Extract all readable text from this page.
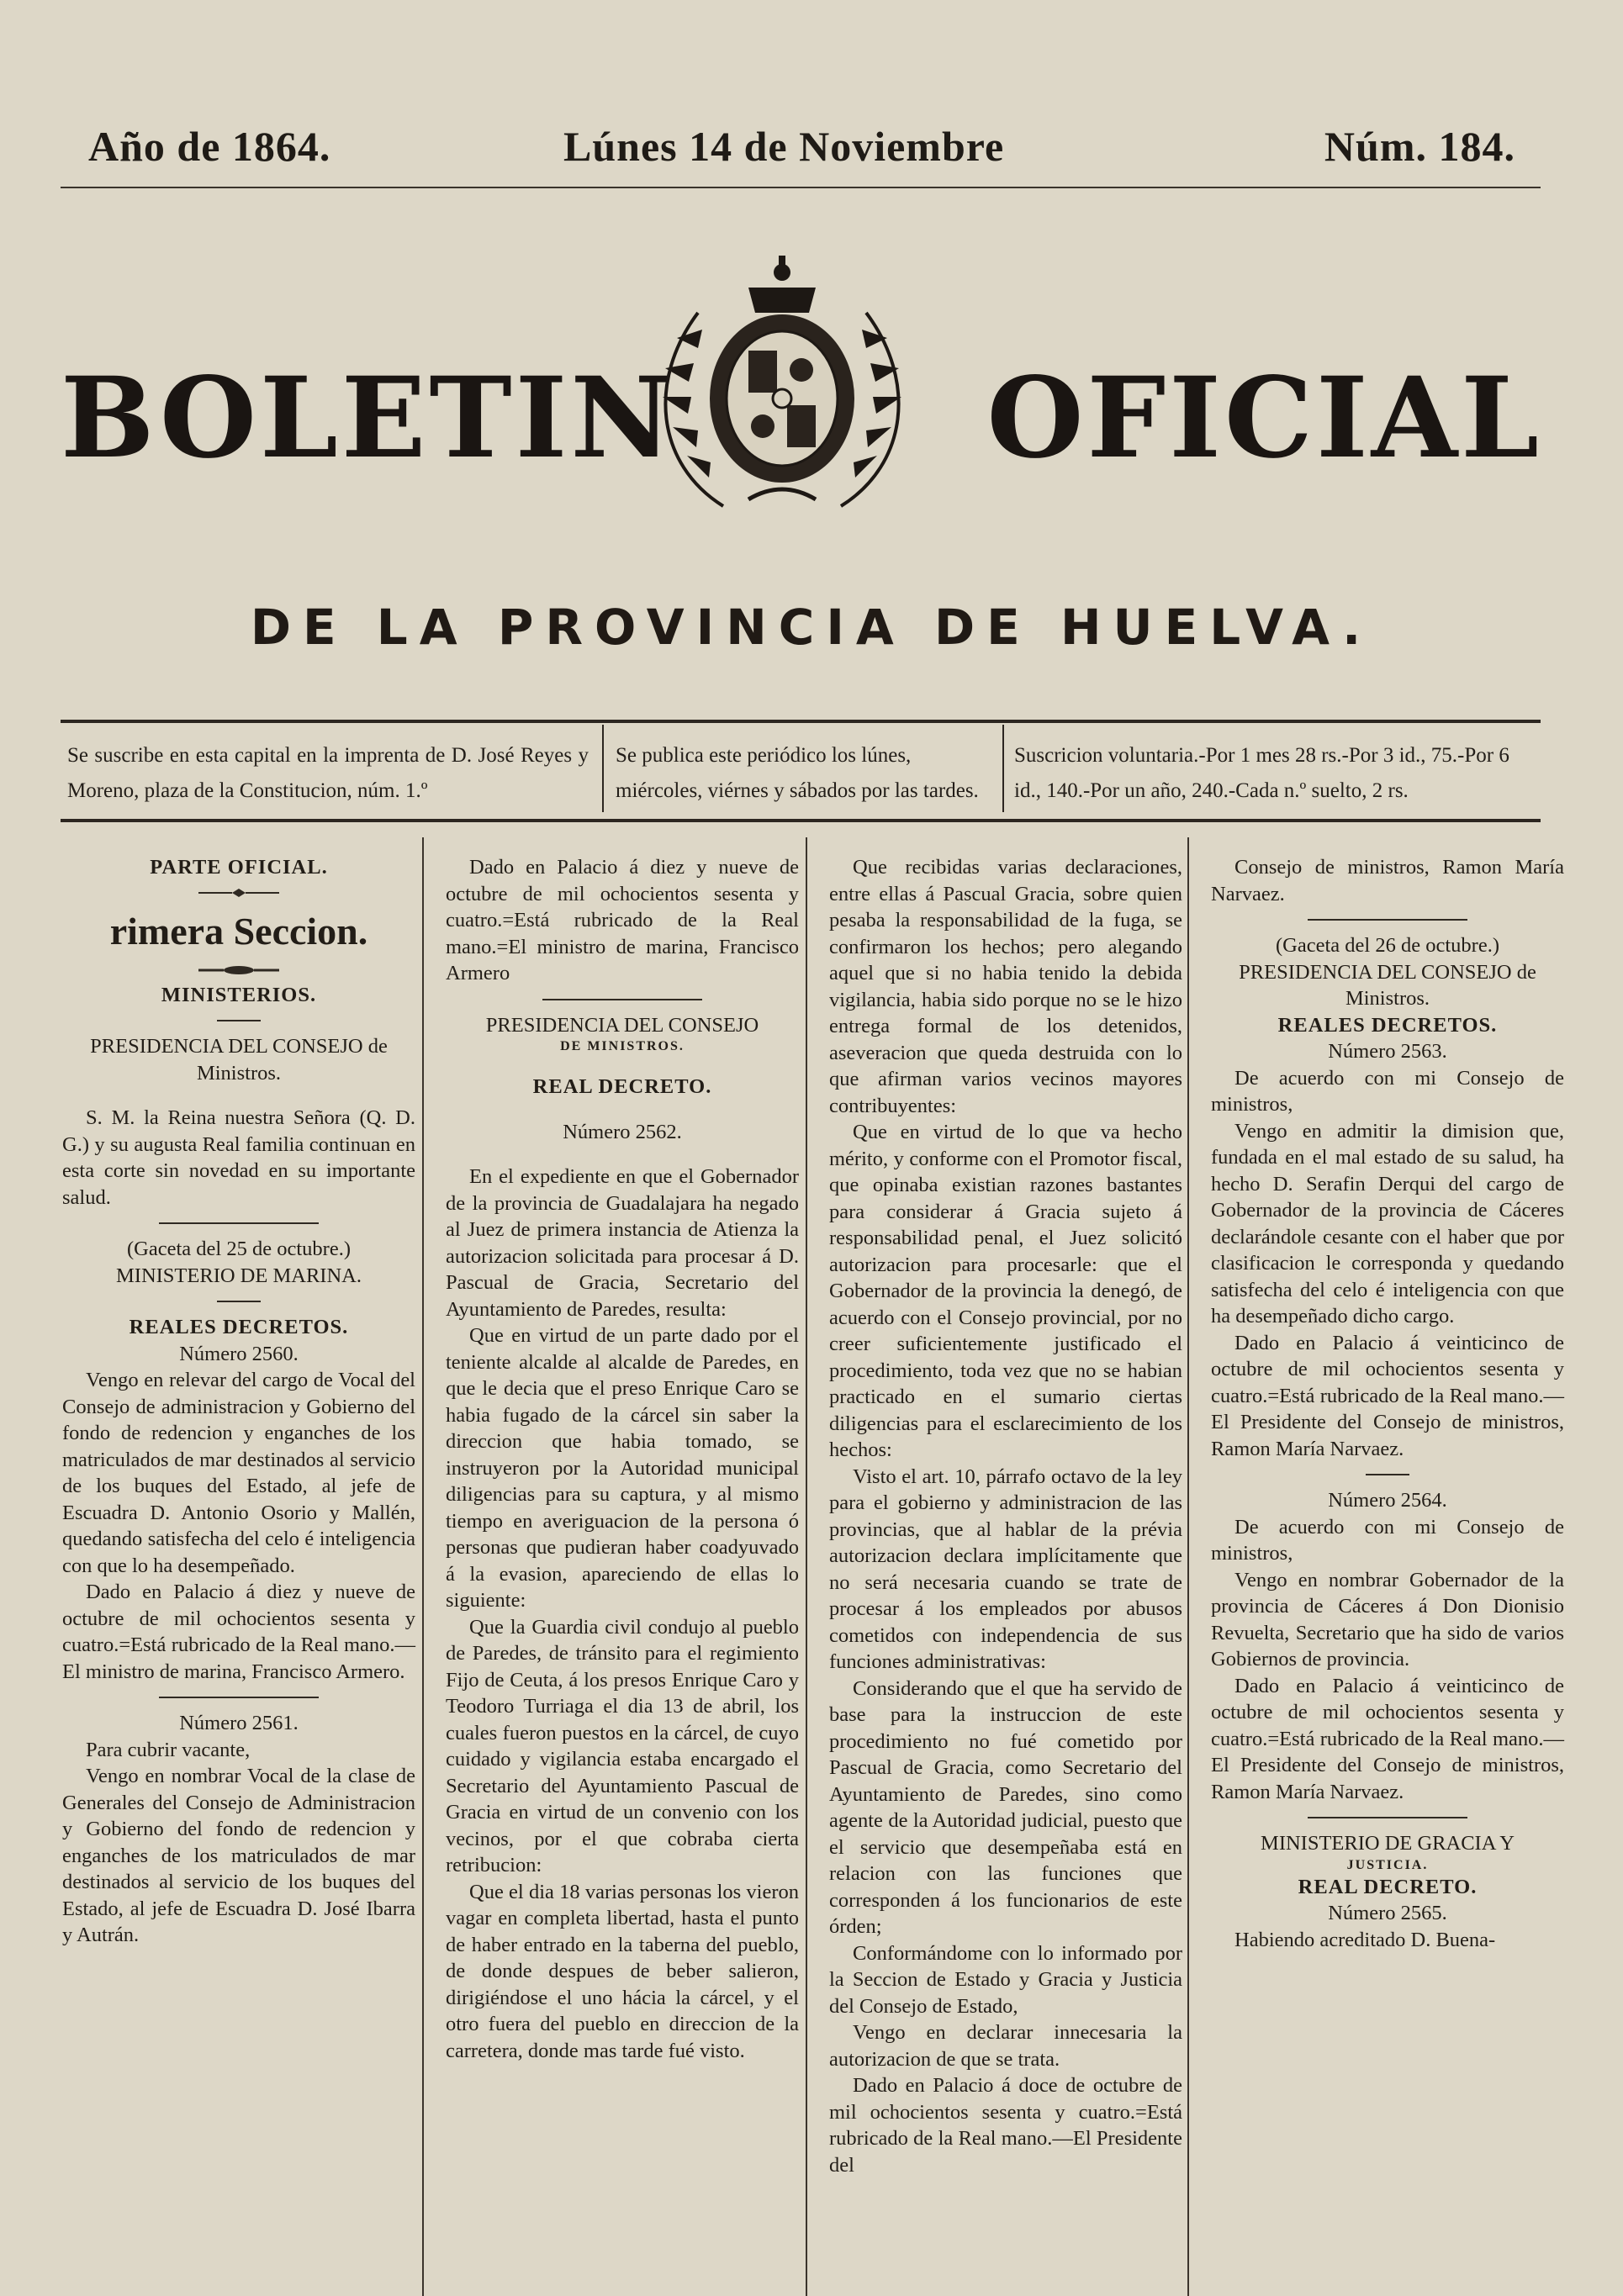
Año de 1864.	Lúnes 14 de Noviembre	Núm. 184.
BOLETIN	OFICIAL
DE LA PROVINCIA DE HUELVA.
Se suscribe en esta capital en la imprenta de D. José Reyes y Moreno, plaza de la Constitucion, núm. 1.º
Se publica este periódico los lúnes, miércoles, viérnes y sábados por las tardes.
Suscricion voluntaria.-Por 1 mes 28 rs.-Por 3 id., 75.-Por 6 id., 140.-Por un año, 240.-Cada n.º suelto, 2 rs.

PARTE OFICIAL.

rimera Seccion.

MINISTERIOS.

PRESIDENCIA DEL CONSEJO de Ministros.

S. M. la Reina nuestra Señora (Q. D. G.) y su augusta Real familia continuan en esta corte sin novedad en su importante salud.

(Gaceta del 25 de octubre.)

MINISTERIO DE MARINA.

REALES DECRETOS.

Número 2560.

Vengo en relevar del cargo de Vocal del Consejo de administracion y Gobierno del fondo de redencion y enganches de los matriculados de mar destinados al servicio de los buques del Estado, al jefe de Escuadra D. Antonio Osorio y Mallén, quedando satisfecha del celo é inteligencia con que lo ha desempeñado.

Dado en Palacio á diez y nueve de octubre de mil ochocientos sesenta y cuatro.=Está rubricado de la Real mano.—El ministro de marina, Francisco Armero.

Número 2561.

Para cubrir vacante,

Vengo en nombrar Vocal de la clase de Generales del Consejo de Administracion y Gobierno del fondo de redencion y enganches de los matriculados de mar destinados al servicio de los buques del Estado, al jefe de Escuadra D. José Ibarra y Autrán.

Dado en Palacio á diez y nueve de octubre de mil ochocientos sesenta y cuatro.=Está rubricado de la Real mano.=El ministro de marina, Francisco Armero

PRESIDENCIA DEL CONSEJO

DE MINISTROS.

REAL DECRETO.

Número 2562.

En el expediente en que el Gobernador de la provincia de Guadalajara ha negado al Juez de primera instancia de Atienza la autorizacion solicitada para procesar á D. Pascual de Gracia, Secretario del Ayuntamiento de Paredes, resulta:

Que en virtud de un parte dado por el teniente alcalde al alcalde de Paredes, en que le decia que el preso Enrique Caro se habia fugado de la cárcel sin saber la direccion que habia tomado, se instruyeron por la Autoridad municipal diligencias para su captura, y al mismo tiempo en averiguacion de la persona ó personas que pudieran haber coadyuvado á la evasion, apareciendo de ellas lo siguiente:

Que la Guardia civil condujo al pueblo de Paredes, de tránsito para el regimiento Fijo de Ceuta, á los presos Enrique Caro y Teodoro Turriaga el dia 13 de abril, los cuales fueron puestos en la cárcel, de cuyo cuidado y vigilancia estaba encargado el Secretario del Ayuntamiento Pascual de Gracia en virtud de un convenio con los vecinos, por el que cobraba cierta retribucion:

Que el dia 18 varias personas los vieron vagar en completa libertad, hasta el punto de haber entrado en la taberna del pueblo, de donde despues de beber salieron, dirigiéndose el uno hácia la cárcel, y el otro fuera del pueblo en direccion de la carretera, donde mas tarde fué visto.

Que recibidas varias declaraciones, entre ellas á Pascual Gracia, sobre quien pesaba la responsabilidad de la fuga, se confirmaron los hechos; pero alegando aquel que si no habia tenido la debida vigilancia, habia sido porque no se le hizo entrega formal de los detenidos, aseveracion que queda destruida con lo que afirman varios vecinos mayores contribuyentes:

Que en virtud de lo que va hecho mérito, y conforme con el Promotor fiscal, que opinaba existian razones bastantes para considerar á Gracia sujeto á responsabilidad penal, el Juez solicitó autorizacion para procesarle: que el Gobernador de la provincia la denegó, de acuerdo con el Consejo provincial, por no creer suficientemente justificado el procedimiento, toda vez que no se habian practicado en el sumario ciertas diligencias para el esclarecimiento de los hechos:

Visto el art. 10, párrafo octavo de la ley para el gobierno y administracion de las provincias, que al hablar de la prévia autorizacion declara implícitamente que no será necesaria cuando se trate de procesar á los empleados por abusos cometidos con independencia de sus funciones administrativas:

Considerando que el que ha servido de base para la instruccion de este procedimiento no fué cometido por Pascual de Gracia, como Secretario del Ayuntamiento de Paredes, sino como agente de la Autoridad judicial, puesto que el servicio que desempeñaba está en relacion con las funciones que corresponden á los funcionarios de este órden;

Conformándome con lo informado por la Seccion de Estado y Gracia y Justicia del Consejo de Estado,

Vengo en declarar innecesaria la autorizacion de que se trata.

Dado en Palacio á doce de octubre de mil ochocientos sesenta y cuatro.=Está rubricado de la Real mano.—El Presidente del

Consejo de ministros, Ramon María Narvaez.

(Gaceta del 26 de octubre.)

PRESIDENCIA DEL CONSEJO de Ministros.

REALES DECRETOS.

Número 2563.

De acuerdo con mi Consejo de ministros,

Vengo en admitir la dimision que, fundada en el mal estado de su salud, ha hecho D. Serafin Derqui del cargo de Gobernador de la provincia de Cáceres declarándole cesante con el haber que por clasificacion le corresponda y quedando satisfecha del celo é inteligencia con que ha desempeñado dicho cargo.

Dado en Palacio á veinticinco de octubre de mil ochocientos sesenta y cuatro.=Está rubricado de la Real mano.—El Presidente del Consejo de ministros, Ramon María Narvaez.

Número 2564.

De acuerdo con mi Consejo de ministros,

Vengo en nombrar Gobernador de la provincia de Cáceres á Don Dionisio Revuelta, Secretario que ha sido de varios Gobiernos de provincia.

Dado en Palacio á veinticinco de octubre de mil ochocientos sesenta y cuatro.=Está rubricado de la Real mano.—El Presidente del Consejo de ministros, Ramon María Narvaez.

MINISTERIO DE GRACIA Y

JUSTICIA.

REAL DECRETO.

Número 2565.

Habiendo acreditado D. Buena-
